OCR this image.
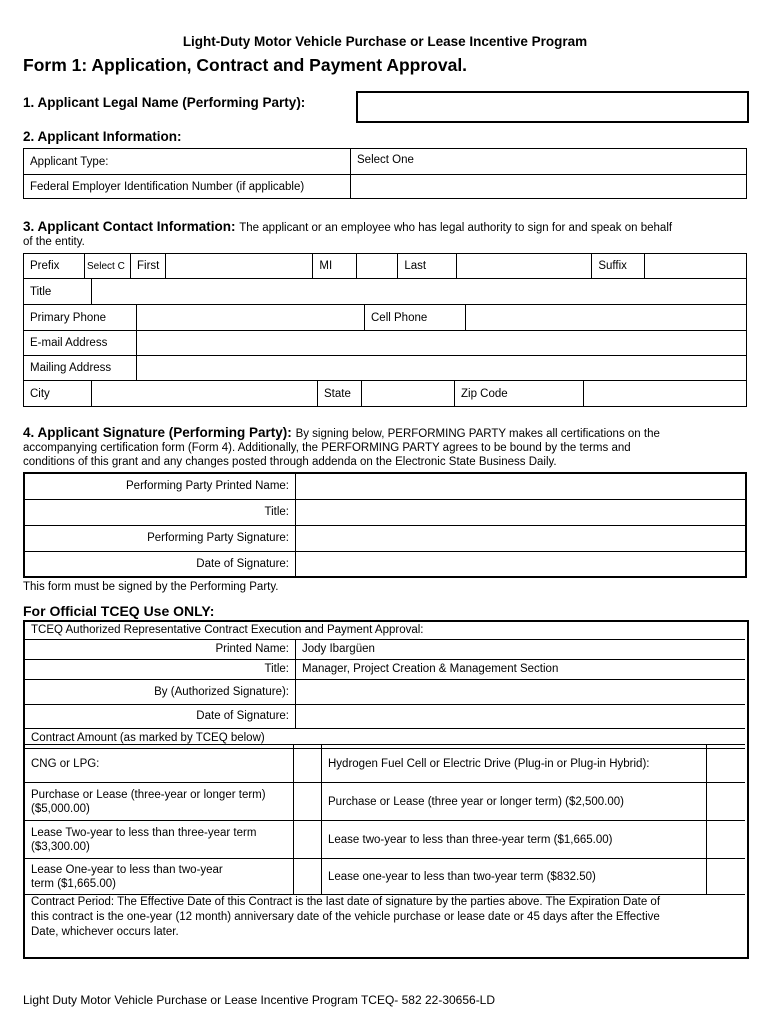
Light-Duty Motor Vehicle Purchase or Lease Incentive Program
Form 1: Application, Contract and Payment Approval.
1. Applicant Legal Name (Performing Party):
2. Applicant Information:
Applicant Type:	Select One
Federal Employer Identification Number (if applicable)	
3. Applicant Contact Information: The applicant or an employee who has legal authority to sign for and speak on behalf
of the entity.
Prefix	Select C	First		MI		Last		Suffix	
Title	
Primary Phone		Cell Phone	
E-mail Address			
Mailing Address			
City		State		Zip Code	
4. Applicant Signature (Performing Party): By signing below, PERFORMING PARTY makes all certifications on the
accompanying certification form (Form 4). Additionally, the PERFORMING PARTY agrees to be bound by the terms and
conditions of this grant and any changes posted through addenda on the Electronic State Business Daily.
Performing Party Printed Name:	
Title:	
Performing Party Signature:	
Date of Signature:	
This form must be signed by the Performing Party.
For Official TCEQ Use ONLY:
TCEQ Authorized Representative Contract Execution and Payment Approval:	
Printed Name:	Jody Ibargüen
Title:	Manager, Project Creation & Management Section
By (Authorized Signature):	
Date of Signature:	
Contract Amount (as marked by TCEQ below)	
CNG or LPG:		Hydrogen Fuel Cell or Electric Drive (Plug-in or Plug-in Hybrid):	

Purchase or Lease (three-year or longer term)
($5,000.00)		Purchase or Lease (three year or longer term) ($2,500.00)	

Lease Two-year to less than three-year term
($3,300.00)		Lease two-year to less than three-year term ($1,665.00)	

Lease One-year to less than two-year
term ($1,665.00)		Lease one-year to less than two-year term ($832.50)	
Contract Period: The Effective Date of this Contract is the last date of signature by the parties above. The Expiration Date of
this contract is the one-year (12 month) anniversary date of the vehicle purchase or lease date or 45 days after the Effective
Date, whichever occurs later.
Light Duty Motor Vehicle Purchase or Lease Incentive Program TCEQ- 582 22-30656-LD
